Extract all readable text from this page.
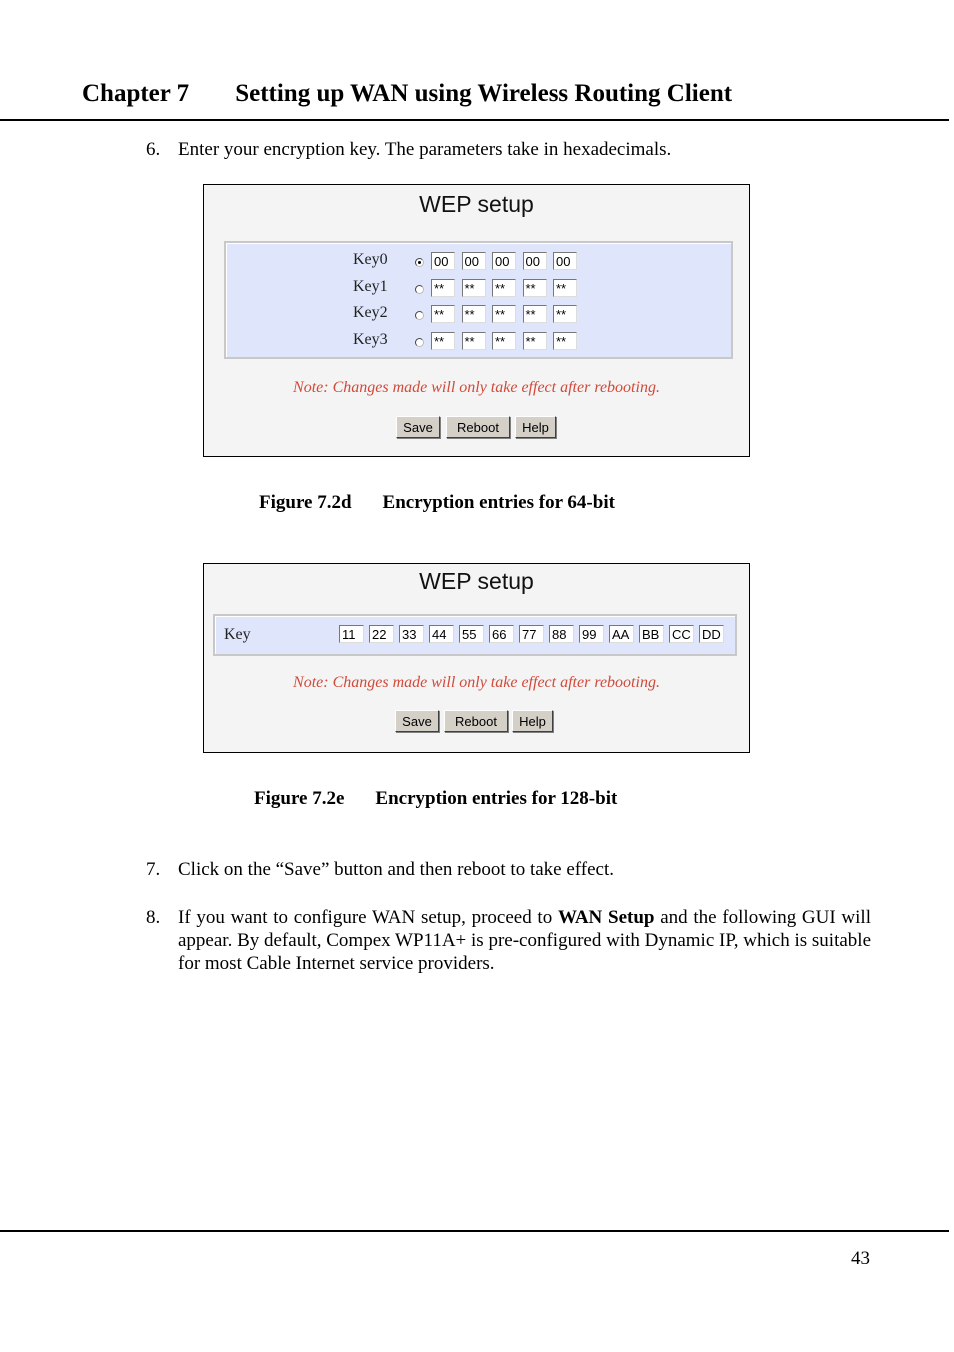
Chapter 7 Setting up WAN using Wireless Routing Client
6. Enter your encryption key. The parameters take in hexadecimals.
WEP setup
Key0	00	00	00	00	00
Key1	**	**	**	**	**
Key2	**	**	**	**	**
Key3	**	**	**	**	**
Note: Changes made will only take effect after rebooting.
Save	Reboot	Help
Figure 7.2d Encryption entries for 64-bit
WEP setup
Key	11	22	33	44	55	66	77	88	99	AA BB CC DD
Note: Changes made will only take effect after rebooting.
Save	Reboot	Help
Figure 7.2e Encryption entries for 128-bit
7. Click on the “Save” button and then reboot to take effect.
8. If you want to configure WAN setup, proceed to WAN Setup and the following GUI will appear. By default, Compex WP11A+ is pre-configured with Dynamic IP, which is suitable for most Cable Internet service providers.
43
